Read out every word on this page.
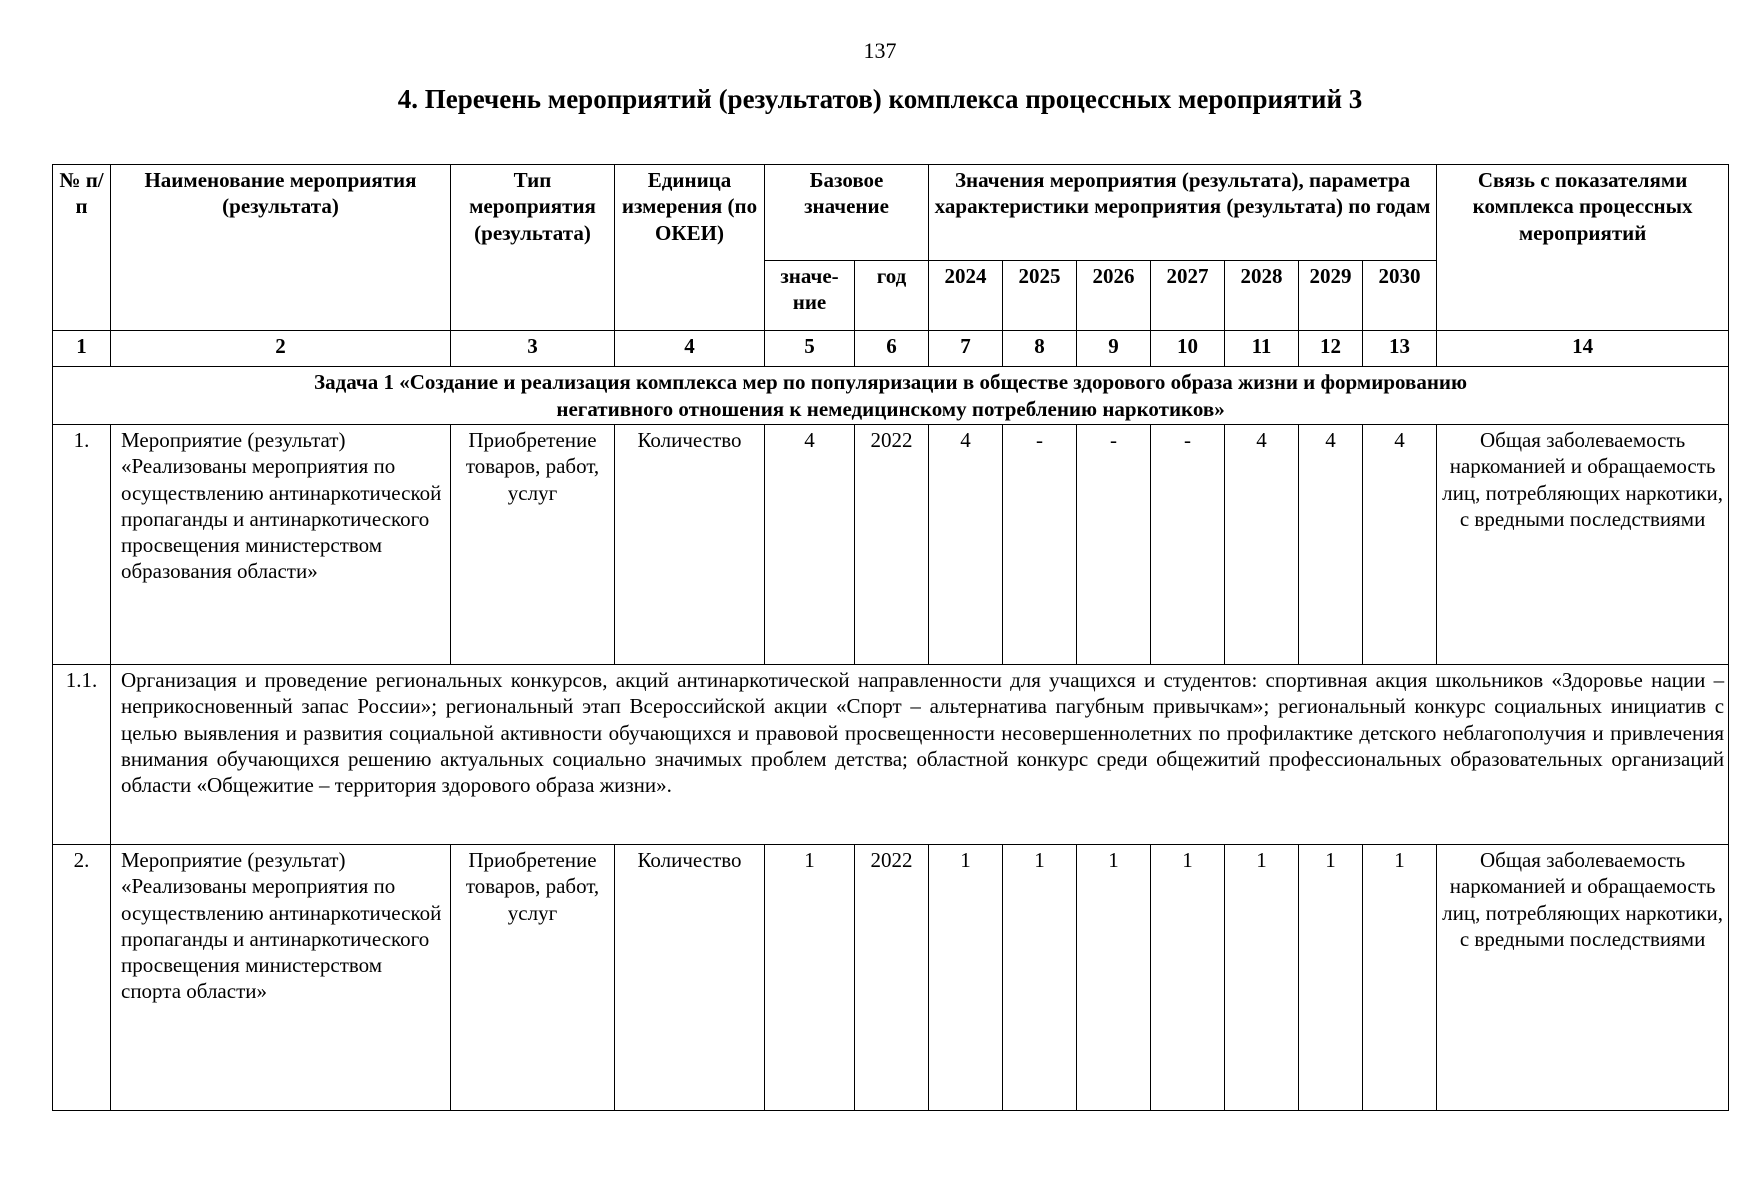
137
4. Перечень мероприятий (результатов) комплекса процессных мероприятий 3
№ п/п	Наименование мероприятия (результата)	Тип мероприятия (результата)	Единица измерения (по ОКЕИ)	Базовое значение		Значения мероприятия (результата), параметра характеристики мероприятия (результата) по годам							Связь с показателями комплекса процессных мероприятий
				значе-ние	год	2024	2025	2026	2027	2028	2029	2030	
1	2	3	4	5	6	7	8	9	10	11	12	13	14
Задача 1 «Создание и реализация комплекса мер по популяризации в обществе здорового образа жизни и формированию негативного отношения к немедицинскому потреблению наркотиков»													
1.	Мероприятие (результат) «Реализованы мероприятия по осуществлению антинаркотической пропаганды и антинаркотического просвещения министерством образования области»	Приобретение товаров, работ, услуг	Количество	4	2022	4	-	-	-	4	4	4	Общая заболеваемость наркоманией и обращаемость лиц, потребляющих наркотики, с вредными последствиями
1.1.	Организация и проведение региональных конкурсов, акций антинаркотической направленности для учащихся и студентов: спортивная акция школьников «Здоровье нации – неприкосновенный запас России»; региональный этап Всероссийской акции «Спорт – альтернатива пагубным привычкам»; региональный конкурс социальных инициатив с целью выявления и развития социальной активности обучающихся и правовой просвещенности несовершеннолетних по профилактике детского неблагополучия и привлечения внимания обучающихся решению актуальных социально значимых проблем детства; областной конкурс среди общежитий профессиональных образовательных организаций области «Общежитие – территория здорового образа жизни».												
2.	Мероприятие (результат) «Реализованы мероприятия по осуществлению антинаркотической пропаганды и антинаркотического просвещения министерством спорта области»	Приобретение товаров, работ, услуг	Количество	1	2022	1	1	1	1	1	1	1	Общая заболеваемость наркоманией и обращаемость лиц, потребляющих наркотики, с вредными последствиями
